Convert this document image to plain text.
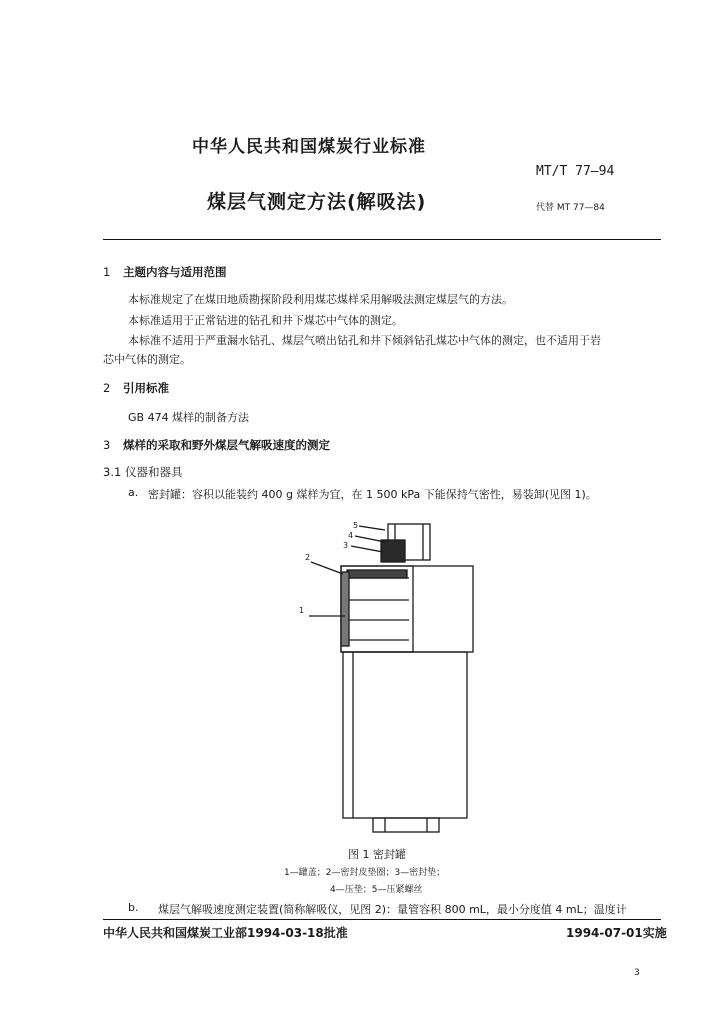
中华人民共和国煤炭行业标准
MT/T 77—94
煤层气测定方法(解吸法)	代替 MT 77—84
1 主题内容与适用范围
本标准规定了在煤田地质勘探阶段利用煤芯煤样采用解吸法测定煤层气的方法。
本标准适用于正常钻进的钻孔和井下煤芯中气体的测定。
本标准不适用于严重漏水钻孔、煤层气喷出钻孔和井下倾斜钻孔煤芯中气体的测定，也不适用于岩
芯中气体的测定。
2 引用标准
GB 474 煤样的制备方法
3 煤样的采取和野外煤层气解吸速度的测定
3.1 仪器和器具
a. 密封罐：容积以能装约 400 g 煤样为宜，在 1 500 kPa 下能保持气密性，易装卸(见图 1)。
5
4
3
2
1
图 1 密封罐
1—罐盖；2—密封皮垫圈；3—密封垫；
4—压垫；5—压紧螺丝
b. 煤层气解吸速度测定装置(简称解吸仪，见图 2)：量管容积 800 mL，最小分度值 4 mL；温度计
中华人民共和国煤炭工业部1994-03-18批准	1994-07-01实施
3
